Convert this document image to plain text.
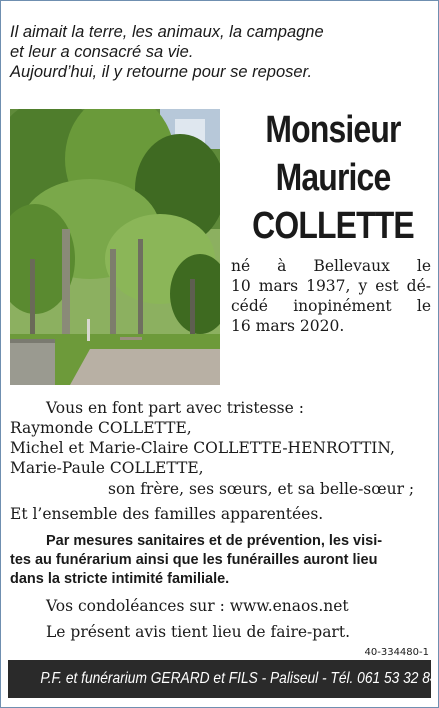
Il aimait la terre, les animaux, la campagne
et leur a consacré sa vie.
Aujourd’hui, il y retourne pour se reposer.
Monsieur
Maurice
COLLETTE
né à Bellevaux le
10 mars 1937, y est dé-
cédé inopinément le
16 mars 2020.
Vous en font part avec tristesse :
Raymonde COLLETTE,
Michel et Marie-Claire COLLETTE-HENROTTIN,
Marie-Paule COLLETTE,
son frère, ses sœurs, et sa belle-sœur ;
Et l’ensemble des familles apparentées.
Par mesures sanitaires et de prévention, les visi-
tes au funérarium ainsi que les funérailles auront lieu
dans la stricte intimité familiale.
Vos condoléances sur : www.enaos.net
Le présent avis tient lieu de faire-part.
40-334480-1
P.F. et funérarium GERARD et FILS - Paliseul - Tél. 061 53 32 84
